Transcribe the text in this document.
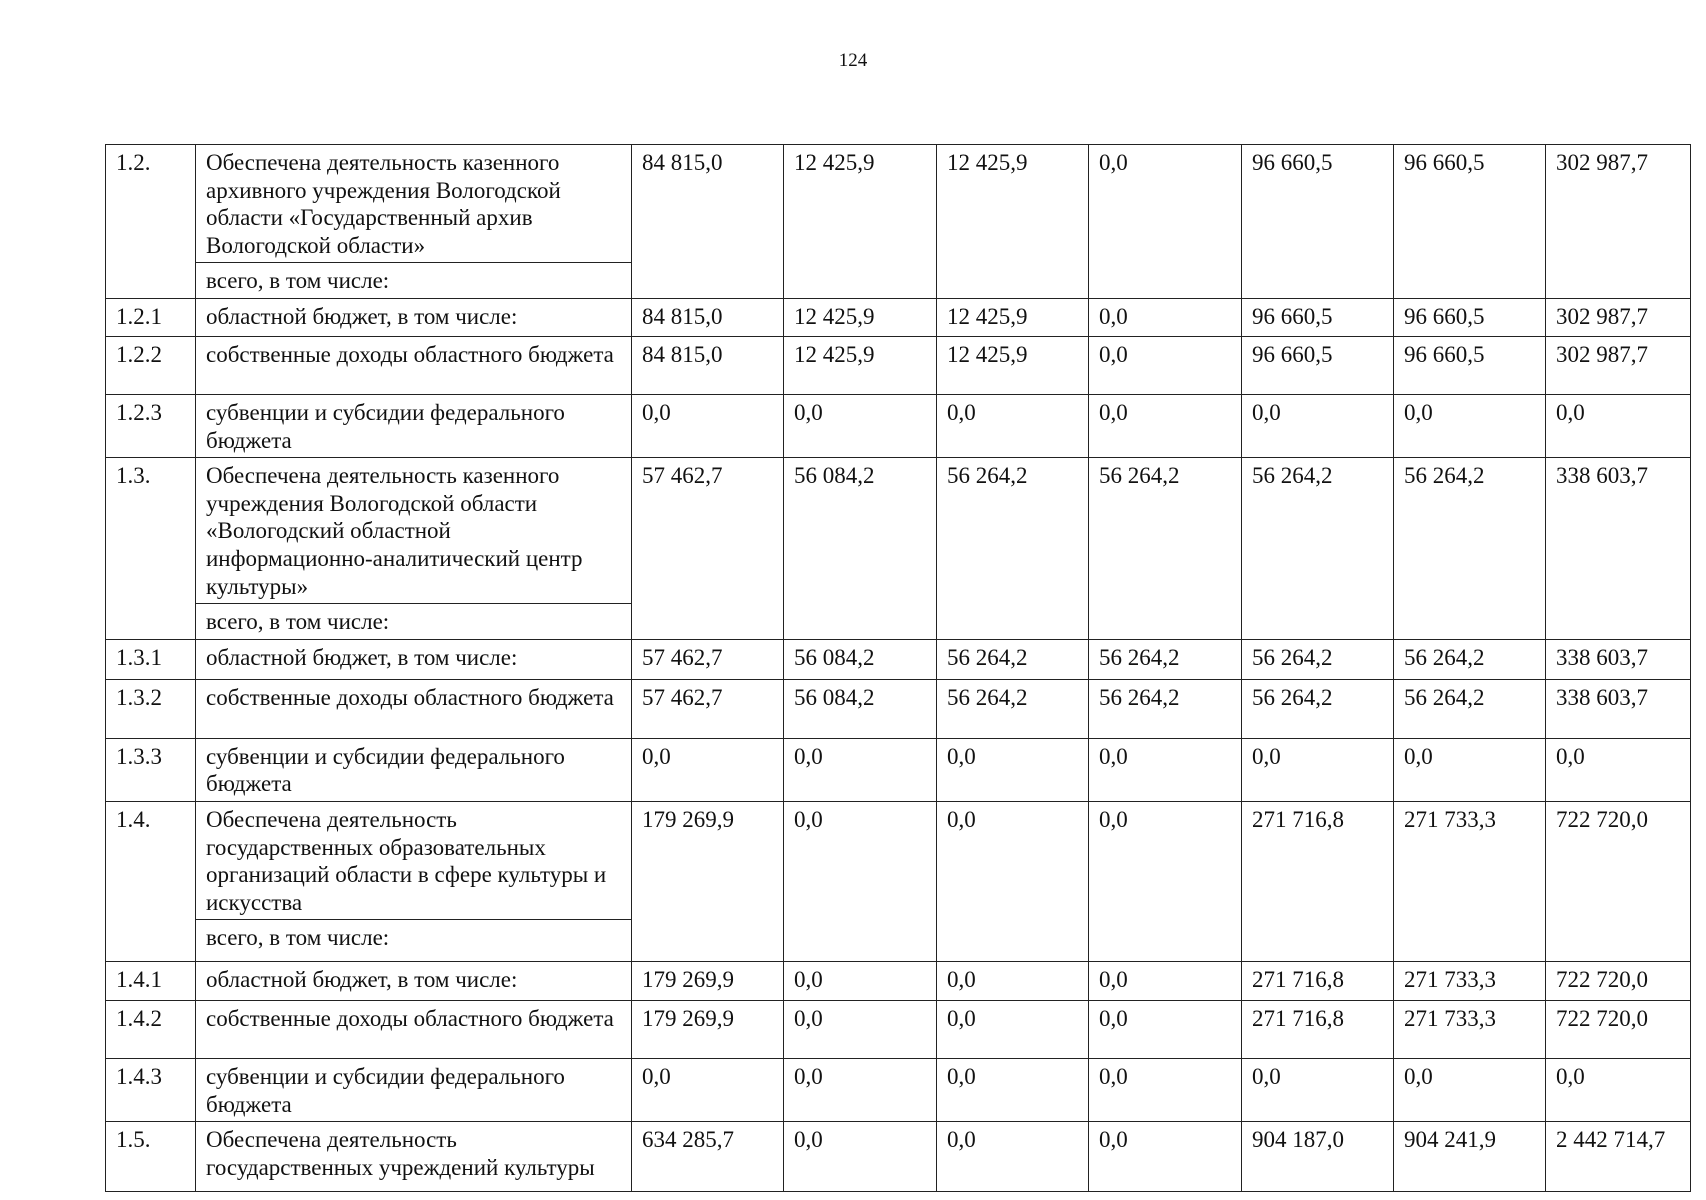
124
1.2.	Обеспечена деятельность казенного архивного учреждения Вологодской области «Государственный архив Вологодской области»	84 815,0	12 425,9	12 425,9	0,0	96 660,5	96 660,5	302 987,7
	всего, в том числе:							
1.2.1	областной бюджет, в том числе:	84 815,0	12 425,9	12 425,9	0,0	96 660,5	96 660,5	302 987,7
1.2.2	собственные доходы областного бюджета	84 815,0	12 425,9	12 425,9	0,0	96 660,5	96 660,5	302 987,7
1.2.3	субвенции и субсидии федерального бюджета	0,0	0,0	0,0	0,0	0,0	0,0	0,0
1.3.	Обеспечена деятельность казенного учреждения Вологодской области «Вологодский областной информационно-аналитический центр культуры»	57 462,7	56 084,2	56 264,2	56 264,2	56 264,2	56 264,2	338 603,7
	всего, в том числе:							
1.3.1	областной бюджет, в том числе:	57 462,7	56 084,2	56 264,2	56 264,2	56 264,2	56 264,2	338 603,7
1.3.2	собственные доходы областного бюджета	57 462,7	56 084,2	56 264,2	56 264,2	56 264,2	56 264,2	338 603,7
1.3.3	субвенции и субсидии федерального бюджета	0,0	0,0	0,0	0,0	0,0	0,0	0,0
1.4.	Обеспечена деятельность государственных образовательных организаций области в сфере культуры и искусства	179 269,9	0,0	0,0	0,0	271 716,8	271 733,3	722 720,0
	всего, в том числе:							
1.4.1	областной бюджет, в том числе:	179 269,9	0,0	0,0	0,0	271 716,8	271 733,3	722 720,0
1.4.2	собственные доходы областного бюджета	179 269,9	0,0	0,0	0,0	271 716,8	271 733,3	722 720,0
1.4.3	субвенции и субсидии федерального бюджета	0,0	0,0	0,0	0,0	0,0	0,0	0,0
1.5.	Обеспечена деятельность государственных учреждений культуры	634 285,7	0,0	0,0	0,0	904 187,0	904 241,9	2 442 714,7
